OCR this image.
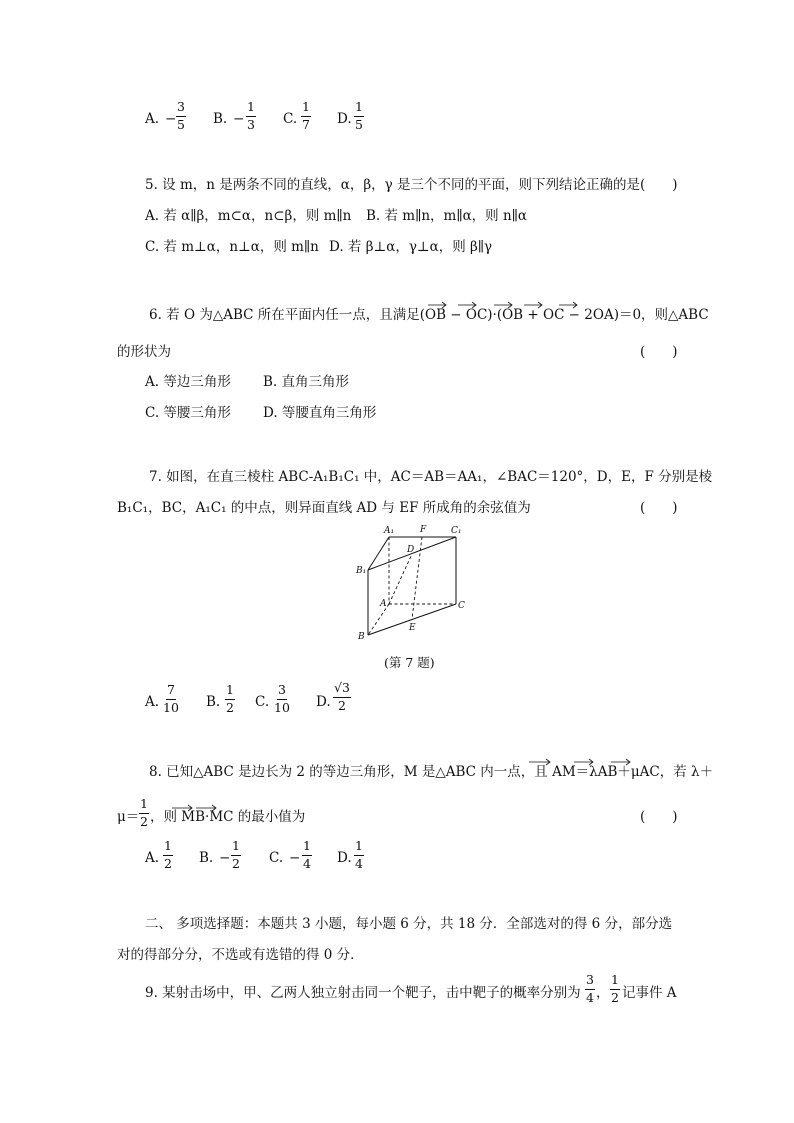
A. − $\frac{3}{5} B$. − $\frac{1}{3} C$. $\frac{1}{7} D$. $\frac{1}{5}$
5. 设 m，n 是两条不同的直线，α，β，γ 是三个不同的平面，则下列结论正确的是(　　)
A. 若 α∥β，m⊂α，n⊂β，则 m∥n B. 若 m∥n，m∥α，则 n∥α
C. 若 m⊥α，n⊥α，则 m∥n D. 若 β⊥α，γ⊥α，则 β∥γ
6. 若 O 为△ABC 所在平面内任一点，且满足(OB − OC)·(OB + OC − 2OA)＝0，则△ABC
的形状为	(　　)
A. 等边三角形 B. 直角三角形
C. 等腰三角形 D. 等腰直角三角形
7. 如图，在直三棱柱 ABC-A₁B₁C₁ 中，AC＝AB＝AA₁，∠BAC＝120°，D，E，F 分别是棱
B₁C₁，BC，A₁C₁ 的中点，则异面直线 AD 与 EF 所成角的余弦值为	(　　)
A₁	F	C₁
D
B₁
A	C
B
E
(第 7 题)
A. $\frac{7}{10} B$. $\frac{1}{2} C$. $\frac{3}{10} D$. $\frac{√3}{2}$
8. 已知△ABC 是边长为 2 的等边三角形，M 是△ABC 内一点，且 AM＝λAB＋μAC，若 λ＋
$\mu= \frac{1}{2}$ ，则 MB·MC 的最小值为	(　　)
A. $\frac{1}{2} B$. − $\frac{1}{2} C$. − $\frac{1}{4} D$. $\frac{1}{4}$
二、 多项选择题：本题共 3 小题，每小题 6 分，共 18 分．全部选对的得 6 分，部分选
对的得部分分，不选或有选错的得 0 分．
9. 某射击场中，甲、乙两人独立射击同一个靶子，击中靶子的概率分别为 $\frac{3}{4}$ ， $\frac{1}{2}$ 记事件 A
